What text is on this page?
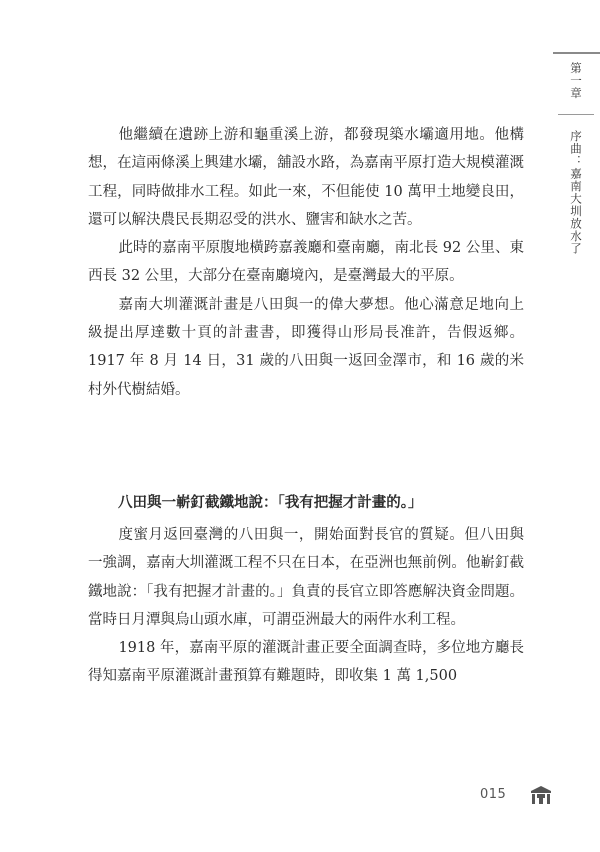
第一章
序曲：嘉南大圳放水了

他繼續在遺跡上游和龜重溪上游，都發現築水壩適用地。他構想，在這兩條溪上興建水壩，舖設水路，為嘉南平原打造大規模灌溉工程，同時做排水工程。如此一來，不但能使 10 萬甲土地變良田，還可以解決農民長期忍受的洪水、鹽害和缺水之苦。

此時的嘉南平原腹地橫跨嘉義廳和臺南廳，南北長 92 公里、東西長 32 公里，大部分在臺南廳境內，是臺灣最大的平原。

嘉南大圳灌溉計畫是八田與一的偉大夢想。他心滿意足地向上級提出厚達數十頁的計畫書，即獲得山形局長准許，告假返鄉。1917 年 8 月 14 日，31 歲的八田與一返回金澤市，和 16 歲的米村外代樹結婚。

八田與一嶄釘截鐵地說：「我有把握才計畫的。」

度蜜月返回臺灣的八田與一，開始面對長官的質疑。但八田與一強調，嘉南大圳灌溉工程不只在日本，在亞洲也無前例。他嶄釘截鐵地說：「我有把握才計畫的。」負責的長官立即答應解決資金問題。當時日月潭與烏山頭水庫，可謂亞洲最大的兩件水利工程。

1918 年，嘉南平原的灌溉計畫正要全面調查時，多位地方廳長得知嘉南平原灌溉計畫預算有難題時，即收集 1 萬 1,500

015
